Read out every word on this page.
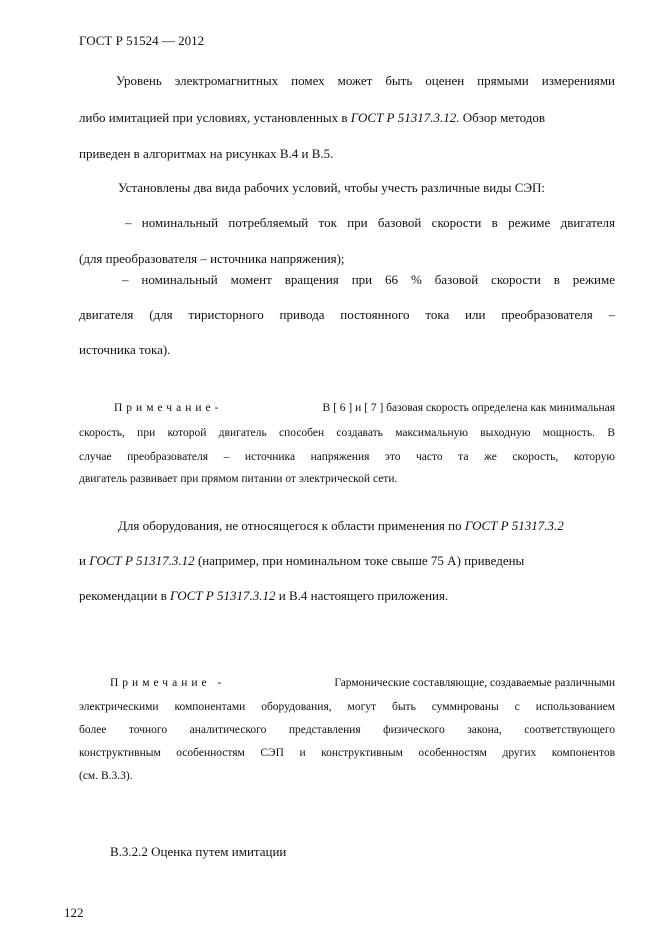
ГОСТ Р 51524 — 2012
Уровень электромагнитных помех может быть оценен прямыми измерениями
либо имитацией при условиях, установленных в ГОСТ Р 51317.3.12. Обзор методов
приведен в алгоритмах на рисунках В.4 и В.5.
Установлены два вида рабочих условий, чтобы учесть различные виды СЭП:
– номинальный потребляемый ток при базовой скорости в режиме двигателя
(для преобразователя – источника напряжения);
– номинальный момент вращения при 66 % базовой скорости в режиме
двигателя (для тиристорного привода постоянного тока или преобразователя –
источника тока).
Примечание-	В [ 6 ] и [ 7 ] базовая скорость определена как минимальная
скорость, при которой двигатель способен создавать максимальную выходную мощность. В
случае преобразователя – источника напряжения это часто та же скорость, которую
двигатель развивает при прямом питании от электрической сети.
Для оборудования, не относящегося к области применения по ГОСТ Р 51317.3.2
и ГОСТ Р 51317.3.12 (например, при номинальном токе свыше 75 А) приведены
рекомендации в ГОСТ Р 51317.3.12 и В.4 настоящего приложения.
Примечание -	Гармонические составляющие, создаваемые различными
электрическими компонентами оборудования, могут быть суммированы с использованием
более точного аналитического представления физического закона, соответствующего
конструктивным особенностям СЭП и конструктивным особенностям других компонентов
(см. В.3.3).
В.3.2.2 Оценка путем имитации
122
